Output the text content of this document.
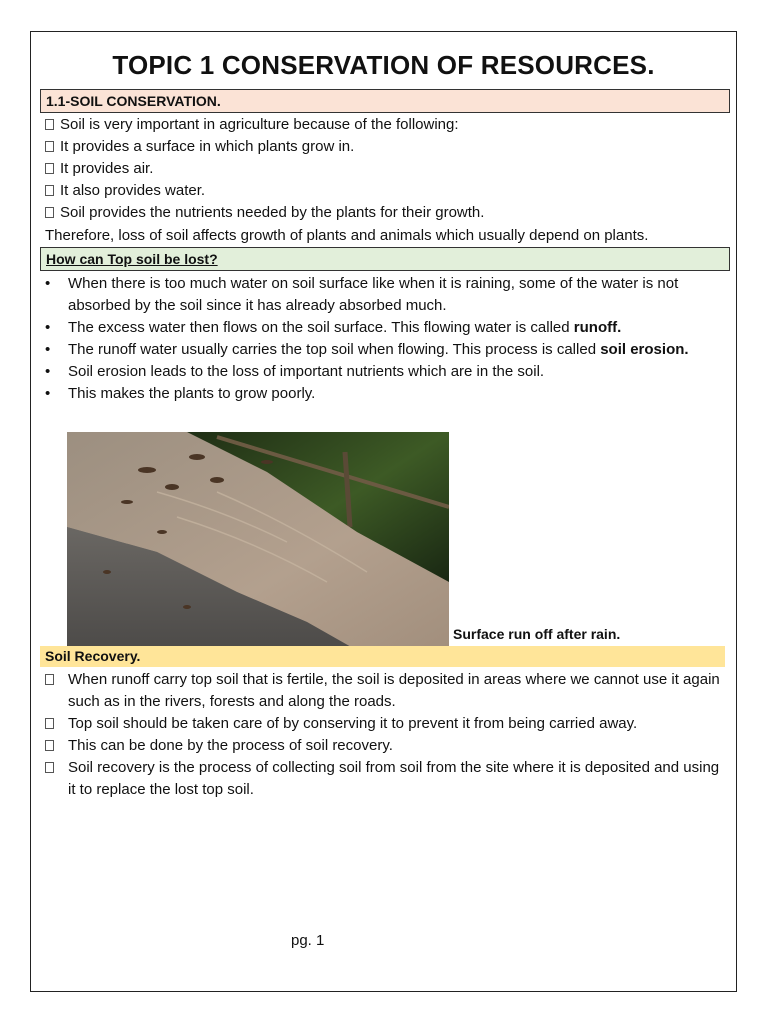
TOPIC 1 CONSERVATION OF RESOURCES.
1.1-SOIL CONSERVATION.
Soil is very important in agriculture because of the following:
It provides a surface in which plants grow in.
It provides air.
It also provides water.
Soil provides the nutrients needed by the plants for their growth.
Therefore, loss of soil affects growth of plants and animals which usually depend on plants.
How can Top soil be lost?
• When there is too much water on soil surface like when it is raining, some of the water is not absorbed by the soil since it has already absorbed much.
• The excess water then flows on the soil surface. This flowing water is called runoff.
• The runoff water usually carries the top soil when flowing. This process is called soil erosion.
• Soil erosion leads to the loss of important nutrients which are in the soil.
• This makes the plants to grow poorly.
Surface run off after rain.
Soil Recovery.
When runoff carry top soil that is fertile, the soil is deposited in areas where we cannot use it again such as in the rivers, forests and along the roads.
Top soil should be taken care of by conserving it to prevent it from being carried away.
This can be done by the process of soil recovery.
Soil recovery is the process of collecting soil from soil from the site where it is deposited and using it to replace the lost top soil.
pg. 1
